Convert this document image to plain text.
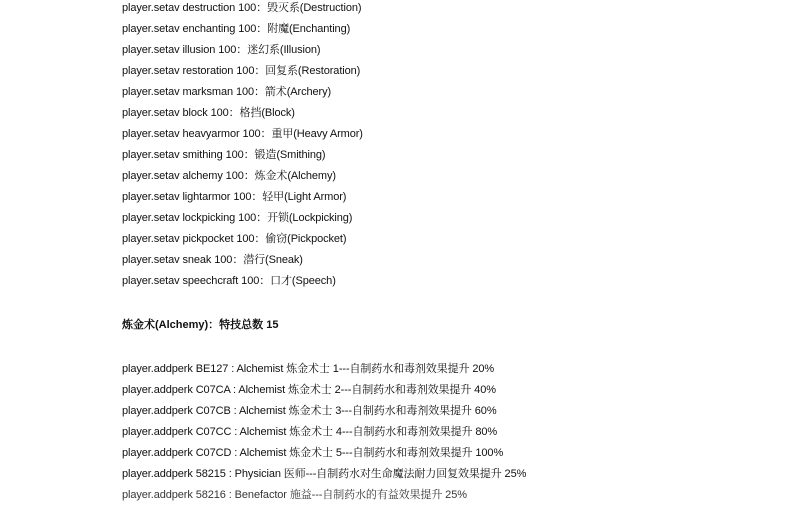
player.setav destruction 100：毁灭系(Destruction)
player.setav enchanting 100：附魔(Enchanting)
player.setav illusion 100：迷幻系(Illusion)
player.setav restoration 100：回复系(Restoration)
player.setav marksman 100：箭术(Archery)
player.setav block 100：格挡(Block)
player.setav heavyarmor 100：重甲(Heavy Armor)
player.setav smithing 100：锻造(Smithing)
player.setav alchemy 100：炼金术(Alchemy)
player.setav lightarmor 100：轻甲(Light Armor)
player.setav lockpicking 100：开锁(Lockpicking)
player.setav pickpocket 100：偷窃(Pickpocket)
player.setav sneak 100：潜行(Sneak)
player.setav speechcraft 100：口才(Speech)
炼金术(Alchemy)：特技总数 15
player.addperk BE127 : Alchemist 炼金术士 1---自制药水和毒剂效果提升 20%
player.addperk C07CA : Alchemist 炼金术士 2---自制药水和毒剂效果提升 40%
player.addperk C07CB : Alchemist 炼金术士 3---自制药水和毒剂效果提升 60%
player.addperk C07CC : Alchemist 炼金术士 4---自制药水和毒剂效果提升 80%
player.addperk C07CD : Alchemist 炼金术士 5---自制药水和毒剂效果提升 100%
player.addperk 58215 : Physician 医师---自制药水对生命魔法耐力回复效果提升 25%
player.addperk 58216 : Benefactor 施益---自制药水的有益效果提升 25%
